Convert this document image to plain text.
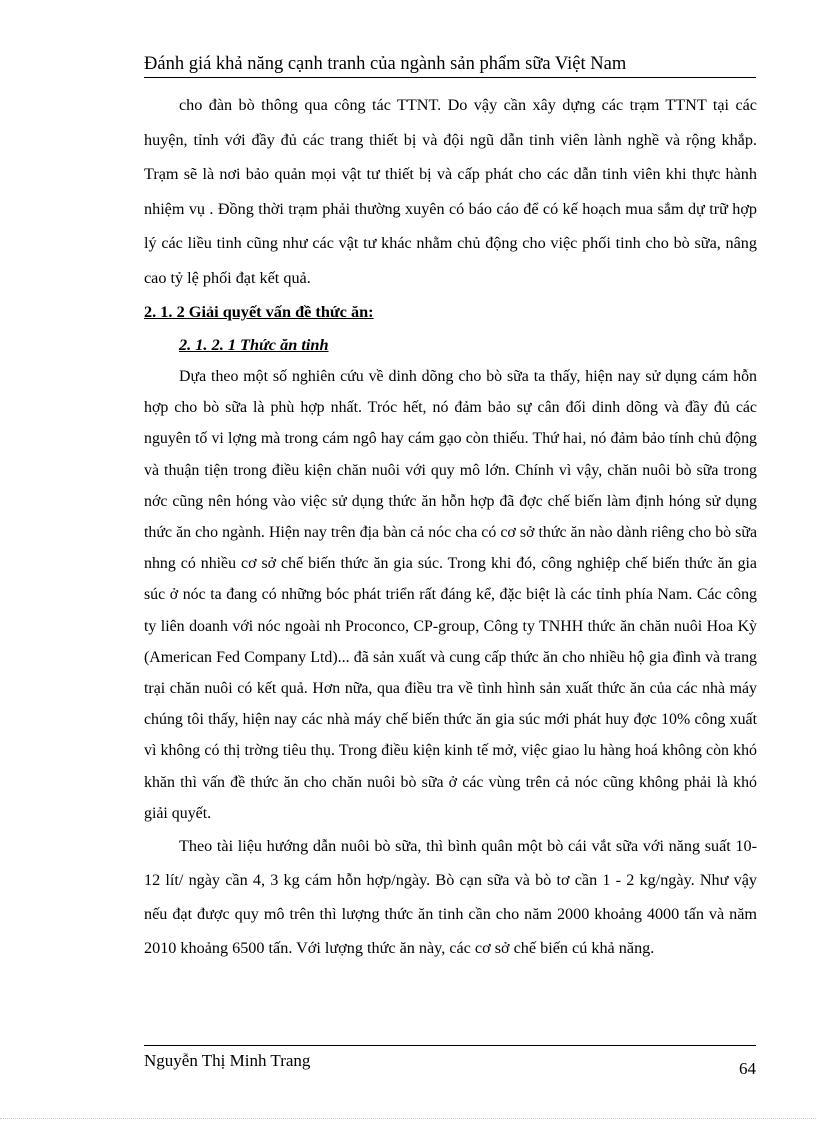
Đánh giá khả năng cạnh tranh của ngành sản phẩm sữa Việt Nam

cho đàn bò thông qua công tác TTNT. Do vậy cần xây dựng các trạm TTNT tại các huyện, tỉnh với đầy đủ các trang thiết bị và đội ngũ dẫn tinh viên lành nghề và rộng khắp. Trạm sẽ là nơi bảo quản mọi vật tư thiết bị và cấp phát cho các dẫn tinh viên khi thực hành nhiệm vụ . Đồng thời trạm phải thường xuyên có báo cáo để có kế hoạch mua sắm dự trữ hợp lý các liều tinh cũng như các vật tư khác nhằm chủ động cho việc phối tinh cho bò sữa, nâng cao tỷ lệ phối đạt kết quả.

2. 1. 2 Giải quyết vấn đề thức ăn:

2. 1. 2. 1 Thức ăn tinh

Dựa theo một số nghiên cứu về dinh dõng cho bò sữa ta thấy, hiện nay sử dụng cám hỗn hợp cho bò sữa là phù hợp nhất. Tróc hết, nó đảm bảo sự cân đối dinh dõng và đầy đủ các nguyên tố vi lợng mà trong cám ngô hay cám gạo còn thiếu. Thứ hai, nó đảm bảo tính chủ động và thuận tiện trong điều kiện chăn nuôi với quy mô lớn. Chính vì vậy, chăn nuôi bò sữa trong nớc cũng nên hóng vào việc sử dụng thức ăn hỗn hợp đã đợc chế biến làm định hóng sử dụng thức ăn cho ngành. Hiện nay trên địa bàn cả nóc cha có cơ sở thức ăn nào dành riêng cho bò sữa nhng có nhiều cơ sở chế biến thức ăn gia súc. Trong khi đó, công nghiệp chế biến thức ăn gia súc ở nóc ta đang có những bóc phát triển rất đáng kể, đặc biệt là các tỉnh phía Nam. Các công ty liên doanh với nóc ngoài nh Proconco, CP-group, Công ty TNHH thức ăn chăn nuôi Hoa Kỳ (American Fed Company Ltd)... đã sản xuất và cung cấp thức ăn cho nhiều hộ gia đình và trang trại chăn nuôi có kết quả. Hơn nữa, qua điều tra về tình hình sản xuất thức ăn của các nhà máy chúng tôi thấy, hiện nay các nhà máy chế biến thức ăn gia súc mới phát huy đợc 10% công xuất vì không có thị trờng tiêu thụ. Trong điều kiện kinh tế mở, việc giao lu hàng hoá không còn khó khăn thì vấn đề thức ăn cho chăn nuôi bò sữa ở các vùng trên cả nóc cũng không phải là khó giải quyết.

Theo tài liệu hướng dẫn nuôi bò sữa, thì bình quân một bò cái vắt sữa với năng suất 10- 12 lít/ ngày cần 4, 3 kg cám hỗn hợp/ngày. Bò cạn sữa và bò tơ cần 1 - 2 kg/ngày. Như vậy nếu đạt được quy mô trên thì lượng thức ăn tinh cần cho năm 2000 khoảng 4000 tấn và năm 2010 khoảng 6500 tấn. Với lượng thức ăn này, các cơ sở chế biến cú khả năng.

Nguyễn Thị Minh Trang	64
